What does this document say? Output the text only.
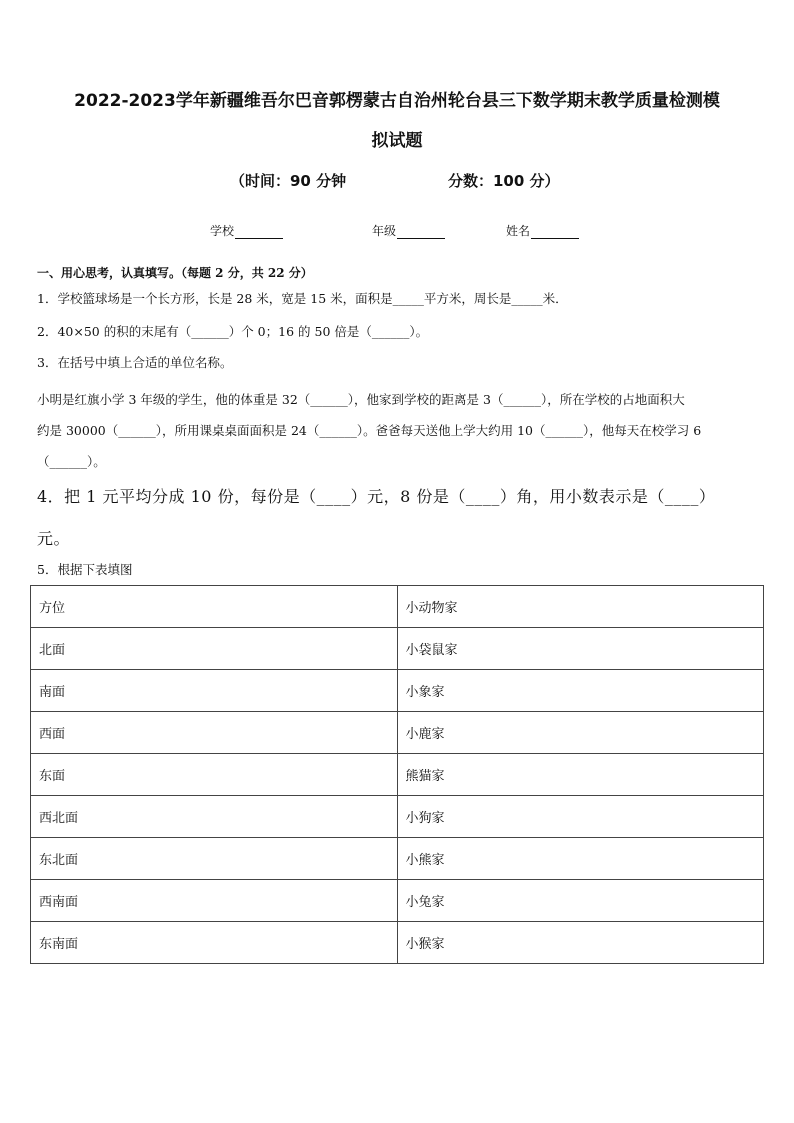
2022-2023学年新疆维吾尔巴音郭楞蒙古自治州轮台县三下数学期末教学质量检测模
拟试题
（时间：90 分钟	分数：100 分）
学校	年级	姓名
一、用心思考，认真填写。（每题 2 分，共 22 分）
1．学校篮球场是一个长方形，长是 28 米，宽是 15 米，面积是_____平方米，周长是_____米．
2．40×50 的积的末尾有（______）个 0；16 的 50 倍是（______）。
3．在括号中填上合适的单位名称。
小明是红旗小学 3 年级的学生，他的体重是 32（______），他家到学校的距离是 3（______），所在学校的占地面积大
约是 30000（______），所用课桌桌面面积是 24（______）。爸爸每天送他上学大约用 10（______），他每天在校学习 6
（______）。
4．把 1 元平均分成 10 份，每份是（____）元，8 份是（____）角，用小数表示是（____）
元。
5．根据下表填图
方位	小动物家
北面	小袋鼠家
南面	小象家
西面	小鹿家
东面	熊猫家
西北面	小狗家
东北面	小熊家
西南面	小兔家
东南面	小猴家
